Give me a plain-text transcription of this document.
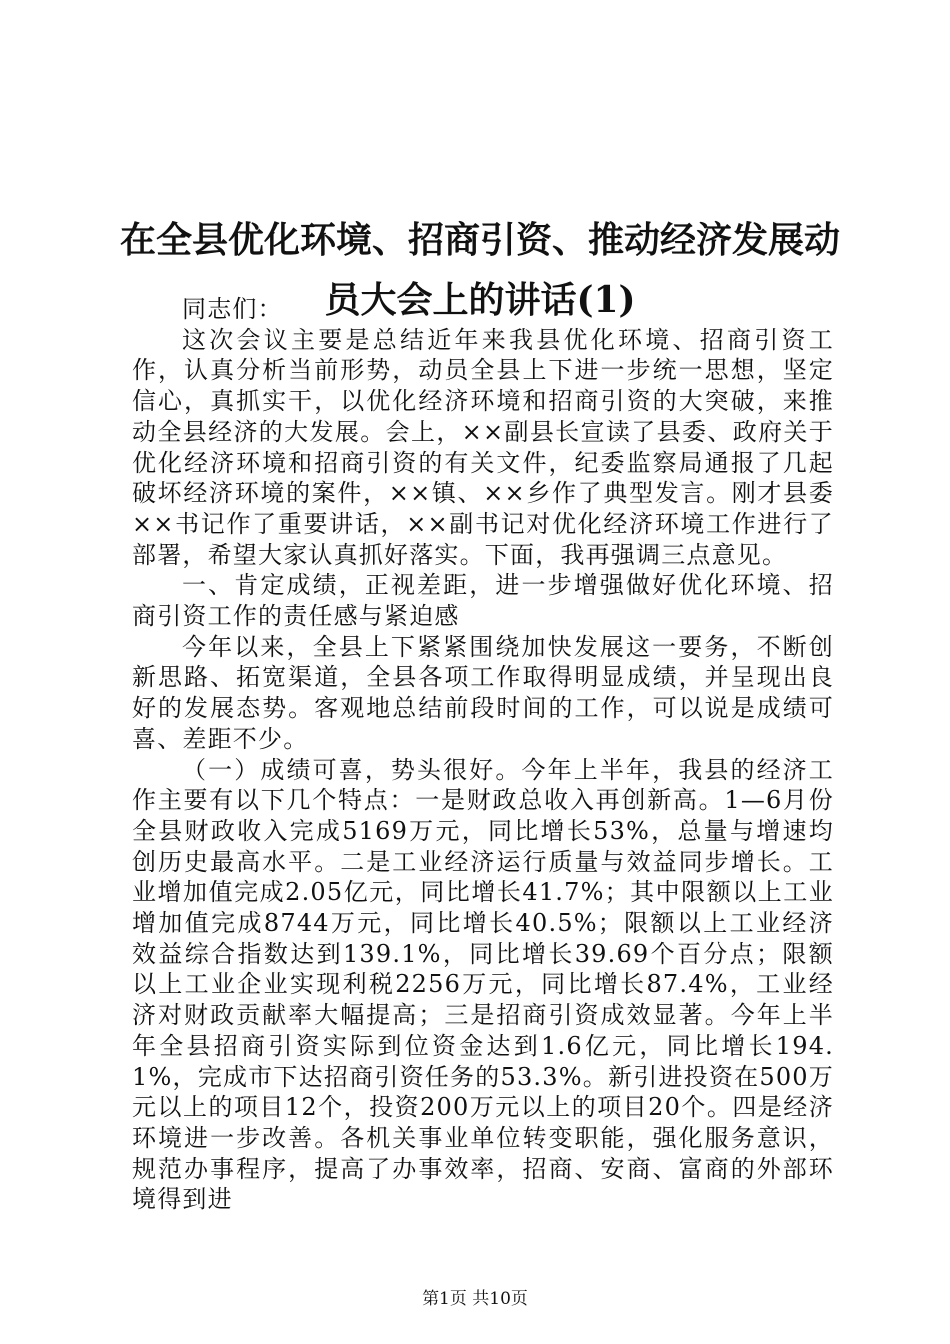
在全县优化环境、招商引资、推动经济发展动
员大会上的讲话(1)

同志们：

这次会议主要是总结近年来我县优化环境、招商引资工作，认真分析当前形势，动员全县上下进一步统一思想，坚定信心，真抓实干，以优化经济环境和招商引资的大突破，来推动全县经济的大发展。会上，××副县长宣读了县委、政府关于优化经济环境和招商引资的有关文件，纪委监察局通报了几起破坏经济环境的案件，××镇、××乡作了典型发言。刚才县委××书记作了重要讲话，××副书记对优化经济环境工作进行了部署，希望大家认真抓好落实。下面，我再强调三点意见。

一、肯定成绩，正视差距，进一步增强做好优化环境、招商引资工作的责任感与紧迫感

今年以来，全县上下紧紧围绕加快发展这一要务，不断创新思路、拓宽渠道，全县各项工作取得明显成绩，并呈现出良好的发展态势。客观地总结前段时间的工作，可以说是成绩可喜、差距不少。

（一）成绩可喜，势头很好。今年上半年，我县的经济工作主要有以下几个特点：一是财政总收入再创新高。1—6月份全县财政收入完成5169万元，同比增长53%，总量与增速均创历史最高水平。二是工业经济运行质量与效益同步增长。工业增加值完成2.05亿元，同比增长41.7%；其中限额以上工业增加值完成8744万元，同比增长40.5%；限额以上工业经济效益综合指数达到139.1%，同比增长39.69个百分点；限额以上工业企业实现利税2256万元，同比增长87.4%，工业经济对财政贡献率大幅提高；三是招商引资成效显著。今年上半年全县招商引资实际到位资金达到1.6亿元，同比增长194.1%，完成市下达招商引资任务的53.3%。新引进投资在500万元以上的项目12个，投资200万元以上的项目20个。四是经济环境进一步改善。各机关事业单位转变职能，强化服务意识，规范办事程序，提高了办事效率，招商、安商、富商的外部环境得到进

第1页 共10页
